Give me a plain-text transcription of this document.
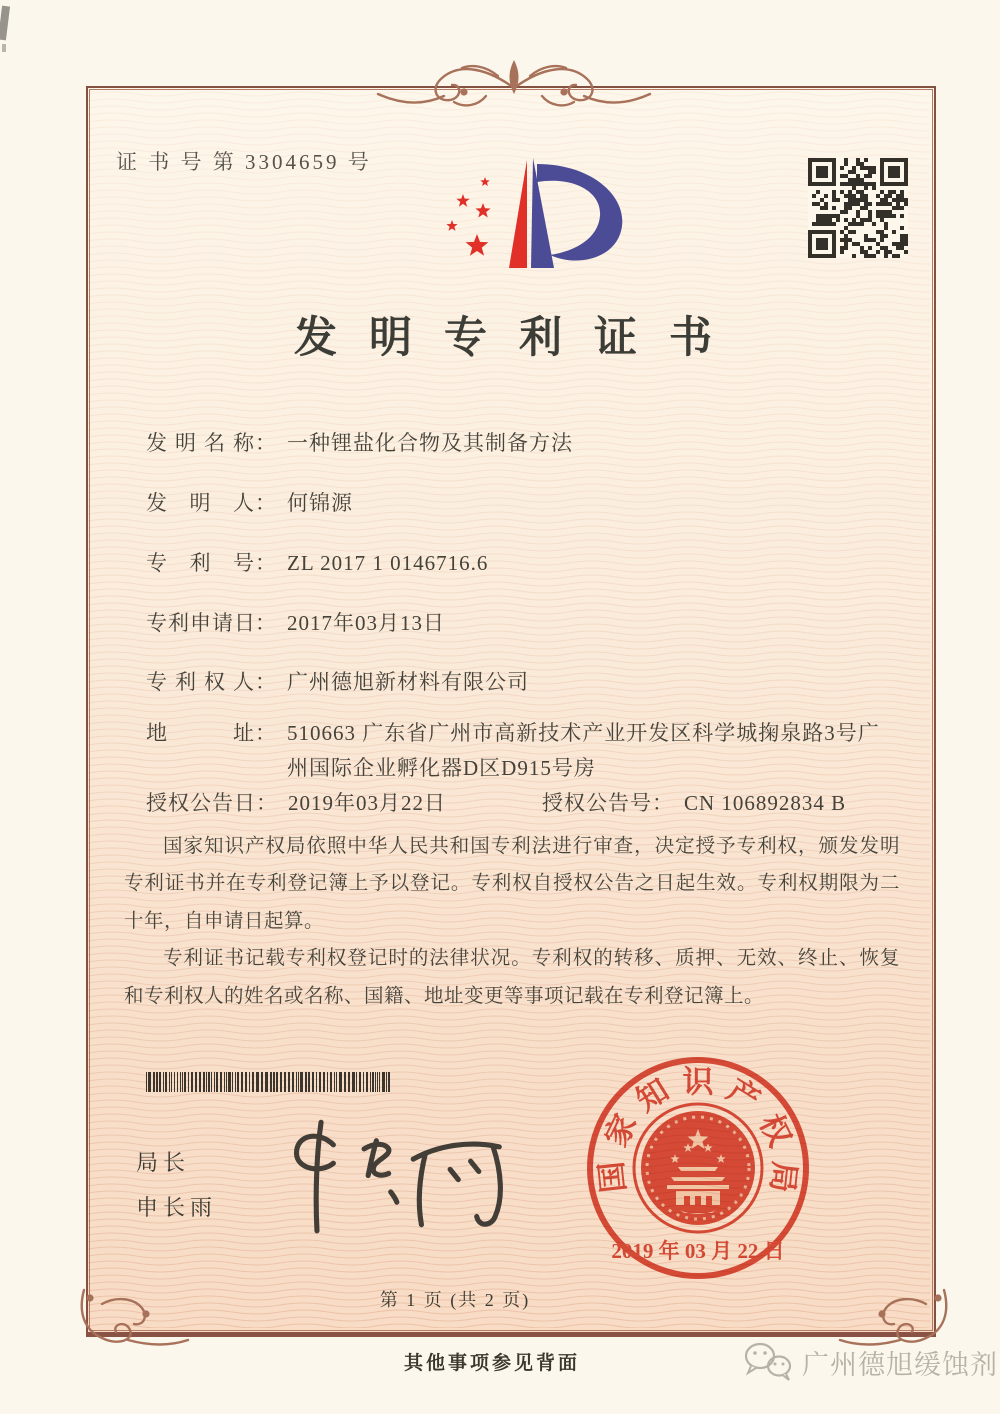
证 书 号 第 3304659 号
发明专利证书
发 明 名 称 ： 一种锂盐化合物及其制备方法
发 明 人 ： 何锦源
专 利 号 ： ZL 2017 1 0146716.6
专 利 申 请 日 ： 2017年03月13日
专 利 权 人 ： 广州德旭新材料有限公司
地	址 ： 510663 广东省广州市高新技术产业开发区科学城掬泉路3号广州国际企业孵化器D区D915号房
授权公告日 ： 2019年03月22日	授权公告号 ： CN 106892834 B

国家知识产权局依照中华人民共和国专利法进行审查，决定授予专利权，颁发发明专利证书并在专利登记簿上予以登记。专利权自授权公告之日起生效。专利权期限为二十年，自申请日起算。

专利证书记载专利权登记时的法律状况。专利权的转移、质押、无效、终止、恢复和专利权人的姓名或名称、国籍、地址变更等事项记载在专利登记簿上。

局长
申长雨
国
家
知 识 产
权
局
2019 年 03 月 22 日
第 1 页 (共 2 页)
其他事项参见背面	广州德旭缓蚀剂
